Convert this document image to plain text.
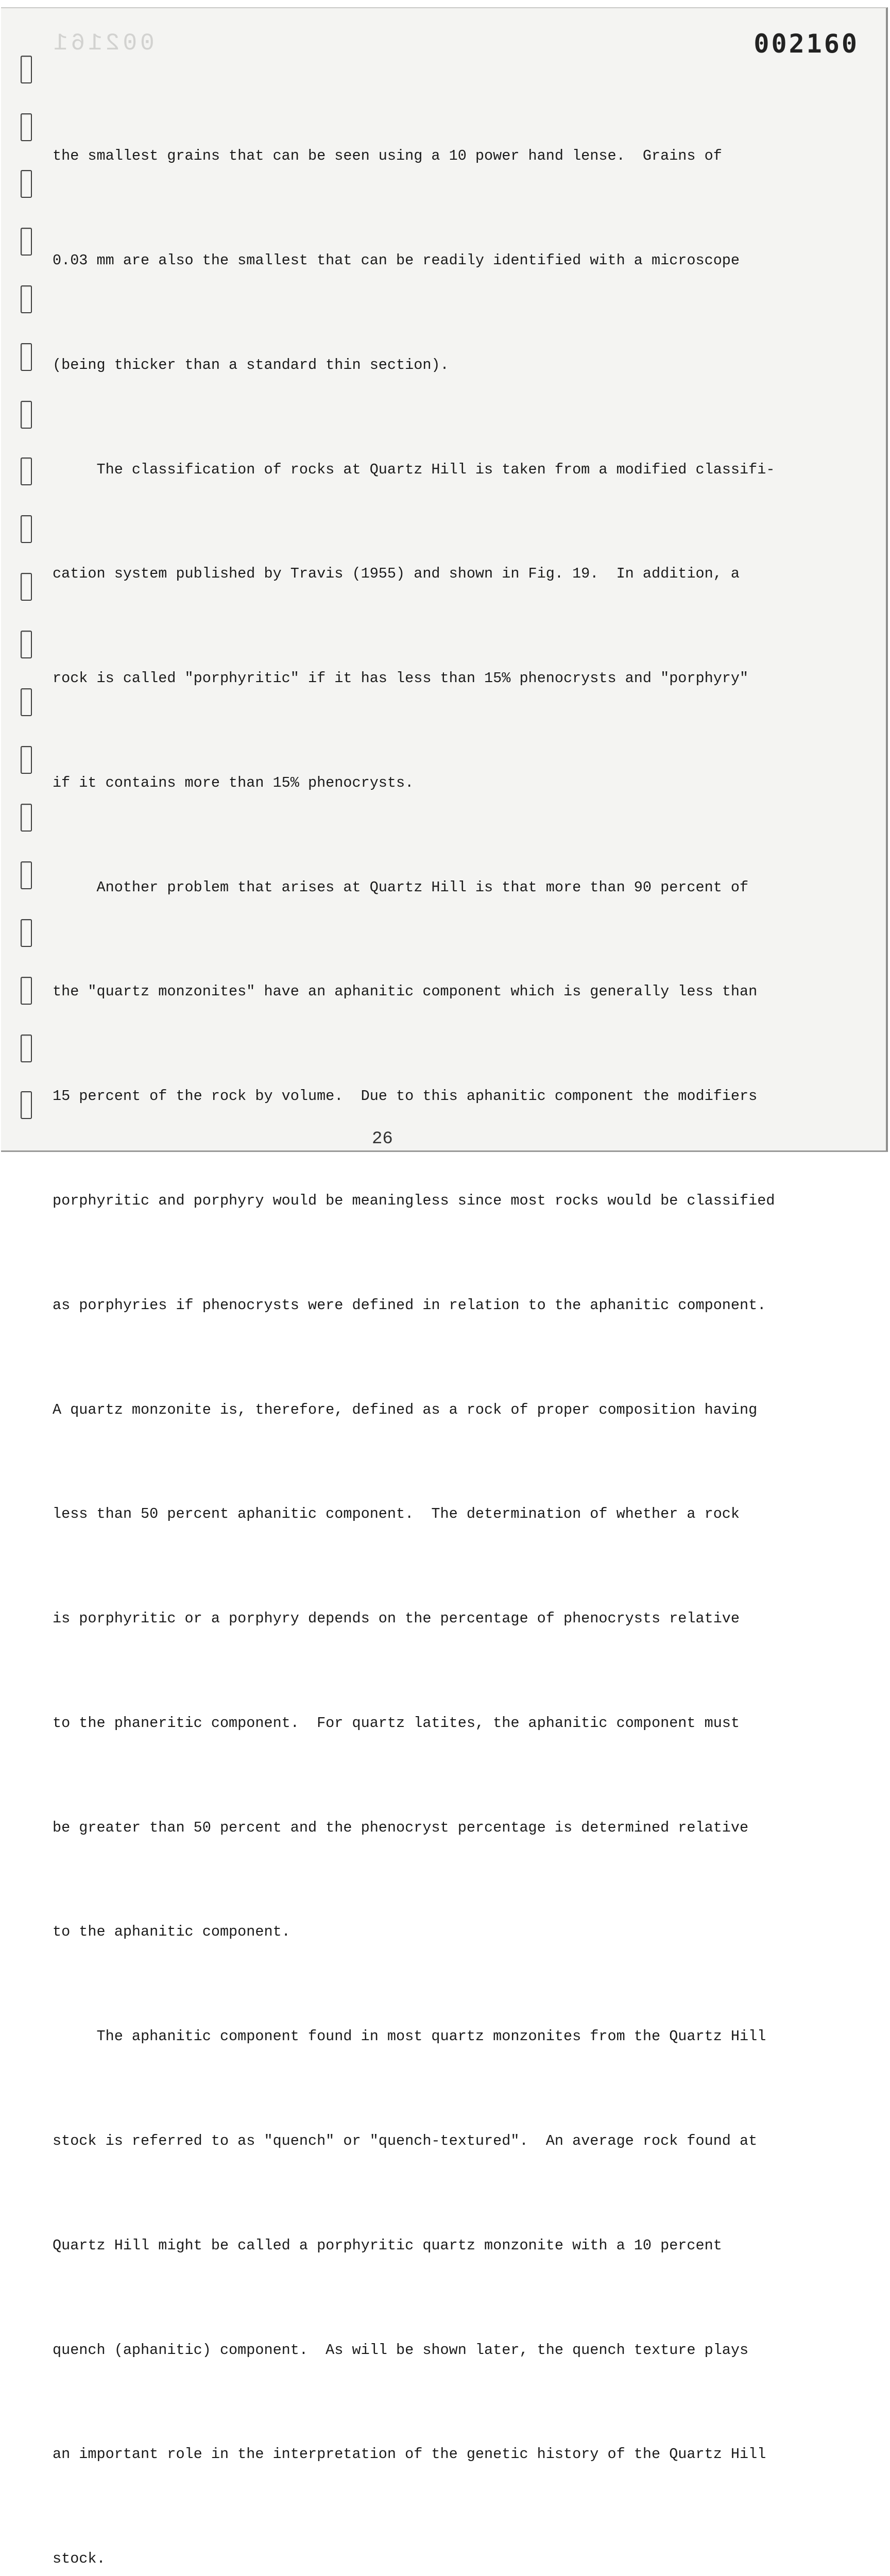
002161	002160

the smallest grains that can be seen using a 10 power hand lense.  Grains of

0.03 mm are also the smallest that can be readily identified with a microscope

(being thicker than a standard thin section).

The classification of rocks at Quartz Hill is taken from a modified classifi-

cation system published by Travis (1955) and shown in Fig. 19.  In addition, a

rock is called "porphyritic" if it has less than 15% phenocrysts and "porphyry"

if it contains more than 15% phenocrysts.

Another problem that arises at Quartz Hill is that more than 90 percent of

the "quartz monzonites" have an aphanitic component which is generally less than

15 percent of the rock by volume.  Due to this aphanitic component the modifiers

porphyritic and porphyry would be meaningless since most rocks would be classified

as porphyries if phenocrysts were defined in relation to the aphanitic component.

A quartz monzonite is, therefore, defined as a rock of proper composition having

less than 50 percent aphanitic component.  The determination of whether a rock

is porphyritic or a porphyry depends on the percentage of phenocrysts relative

to the phaneritic component.  For quartz latites, the aphanitic component must

be greater than 50 percent and the phenocryst percentage is determined relative

to the aphanitic component.

The aphanitic component found in most quartz monzonites from the Quartz Hill

stock is referred to as "quench" or "quench-textured".  An average rock found at

Quartz Hill might be called a porphyritic quartz monzonite with a 10 percent

quench (aphanitic) component.  As will be shown later, the quench texture plays

an important role in the interpretation of the genetic history of the Quartz Hill

stock.

26
